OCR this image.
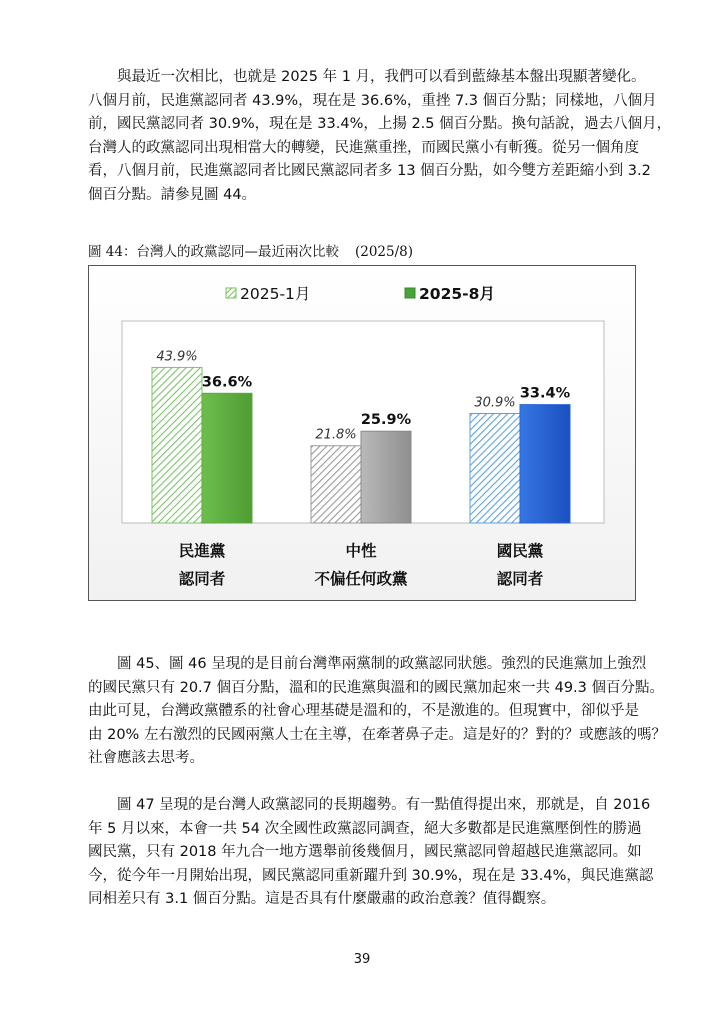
　　與最近一次相比，也就是 2025 年 1 月，我們可以看到藍綠基本盤出現顯著變化。
八個月前，民進黨認同者 43.9%，現在是 36.6%，重挫 7.3 個百分點；同樣地，八個月
前，國民黨認同者 30.9%，現在是 33.4%，上揚 2.5 個百分點。換句話說，過去八個月，
台灣人的政黨認同出現相當大的轉變，民進黨重挫，而國民黨小有斬獲。從另一個角度
看，八個月前，民進黨認同者比國民黨認同者多 13 個百分點，如今雙方差距縮小到 3.2
個百分點。請參見圖 44。

圖 44：台灣人的政黨認同—最近兩次比較 (2025/8)
2025-1月	2025-8月
43.9%
36.6%
21.8%
25.9%
30.9%
33.4%
民進黨
認同者
中性
不偏任何政黨
國民黨
認同者

　　圖 45、圖 46 呈現的是目前台灣準兩黨制的政黨認同狀態。強烈的民進黨加上強烈
的國民黨只有 20.7 個百分點，溫和的民進黨與溫和的國民黨加起來一共 49.3 個百分點。
由此可見，台灣政黨體系的社會心理基礎是溫和的，不是激進的。但現實中，卻似乎是
由 20% 左右激烈的民國兩黨人士在主導，在牽著鼻子走。這是好的？對的？或應該的嗎？
社會應該去思考。

　　圖 47 呈現的是台灣人政黨認同的長期趨勢。有一點值得提出來，那就是，自 2016
年 5 月以來，本會一共 54 次全國性政黨認同調查，絕大多數都是民進黨壓倒性的勝過
國民黨，只有 2018 年九合一地方選舉前後幾個月，國民黨認同曾超越民進黨認同。如
今，從今年一月開始出現，國民黨認同重新躍升到 30.9%，現在是 33.4%，與民進黨認
同相差只有 3.1 個百分點。這是否具有什麼嚴肅的政治意義？值得觀察。

39
